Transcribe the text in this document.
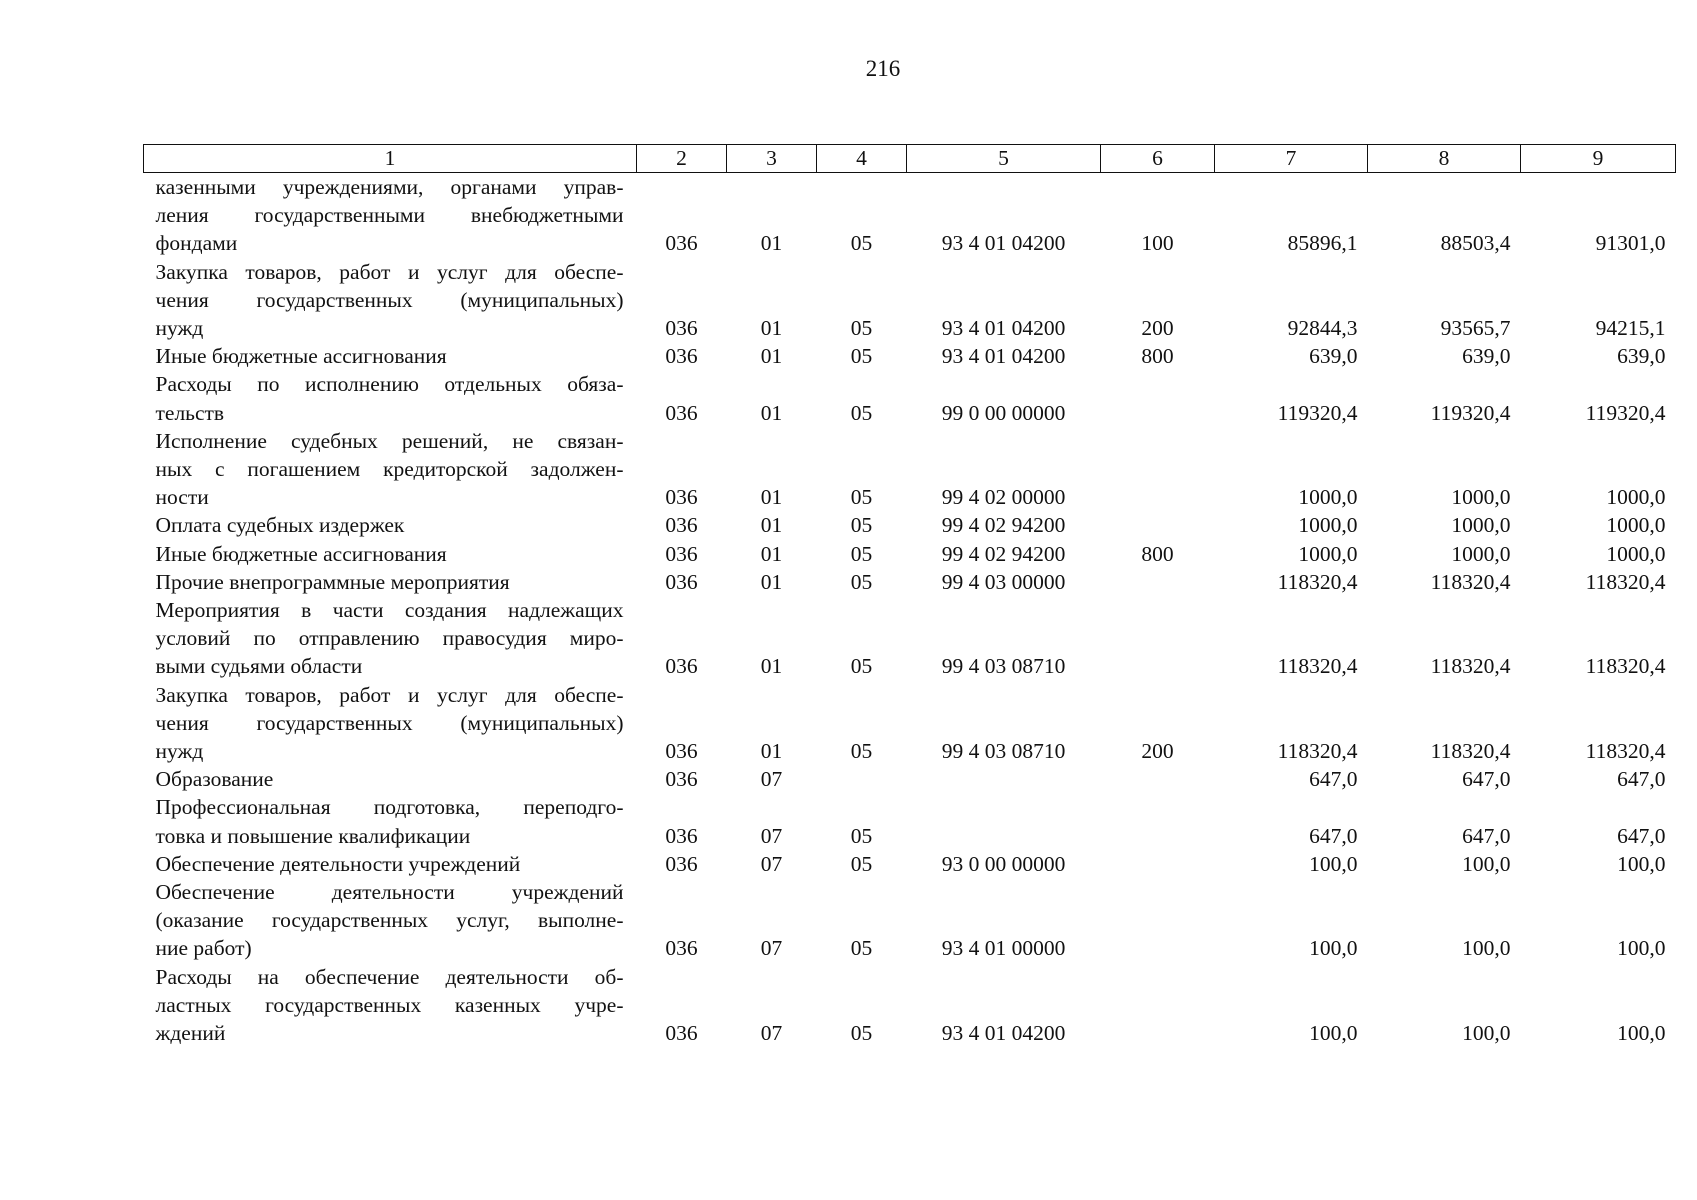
216
1	2	3	4	5	6	7	8	9

казенными учреждениями, органами управ-
ления государственными внебюджетными
фондами	036	01	05	93 4 01 04200	100	85896,1	88503,4	91301,0

Закупка товаров, работ и услуг для обеспе-
чения государственных (муниципальных)
нужд	036	01	05	93 4 01 04200	200	92844,3	93565,7	94215,1

Иные бюджетные ассигнования	036	01	05	93 4 01 04200	800	639,0	639,0	639,0

Расходы по исполнению отдельных обяза-
тельств	036	01	05	99 0 00 00000		119320,4	119320,4	119320,4

Исполнение судебных решений, не связан-
ных с погашением кредиторской задолжен-
ности	036	01	05	99 4 02 00000		1000,0	1000,0	1000,0

Оплата судебных издержек	036	01	05	99 4 02 94200		1000,0	1000,0	1000,0

Иные бюджетные ассигнования	036	01	05	99 4 02 94200	800	1000,0	1000,0	1000,0

Прочие внепрограммные мероприятия	036	01	05	99 4 03 00000		118320,4	118320,4	118320,4

Мероприятия в части создания надлежащих
условий по отправлению правосудия миро-
выми судьями области	036	01	05	99 4 03 08710		118320,4	118320,4	118320,4

Закупка товаров, работ и услуг для обеспе-
чения государственных (муниципальных)
нужд	036	01	05	99 4 03 08710	200	118320,4	118320,4	118320,4

Образование	036	07				647,0	647,0	647,0

Профессиональная подготовка, переподго-
товка и повышение квалификации	036	07	05			647,0	647,0	647,0

Обеспечение деятельности учреждений	036	07	05	93 0 00 00000		100,0	100,0	100,0

Обеспечение деятельности учреждений
(оказание государственных услуг, выполне-
ние работ)	036	07	05	93 4 01 00000		100,0	100,0	100,0

Расходы на обеспечение деятельности об-
ластных государственных казенных учре-
ждений	036	07	05	93 4 01 04200		100,0	100,0	100,0
